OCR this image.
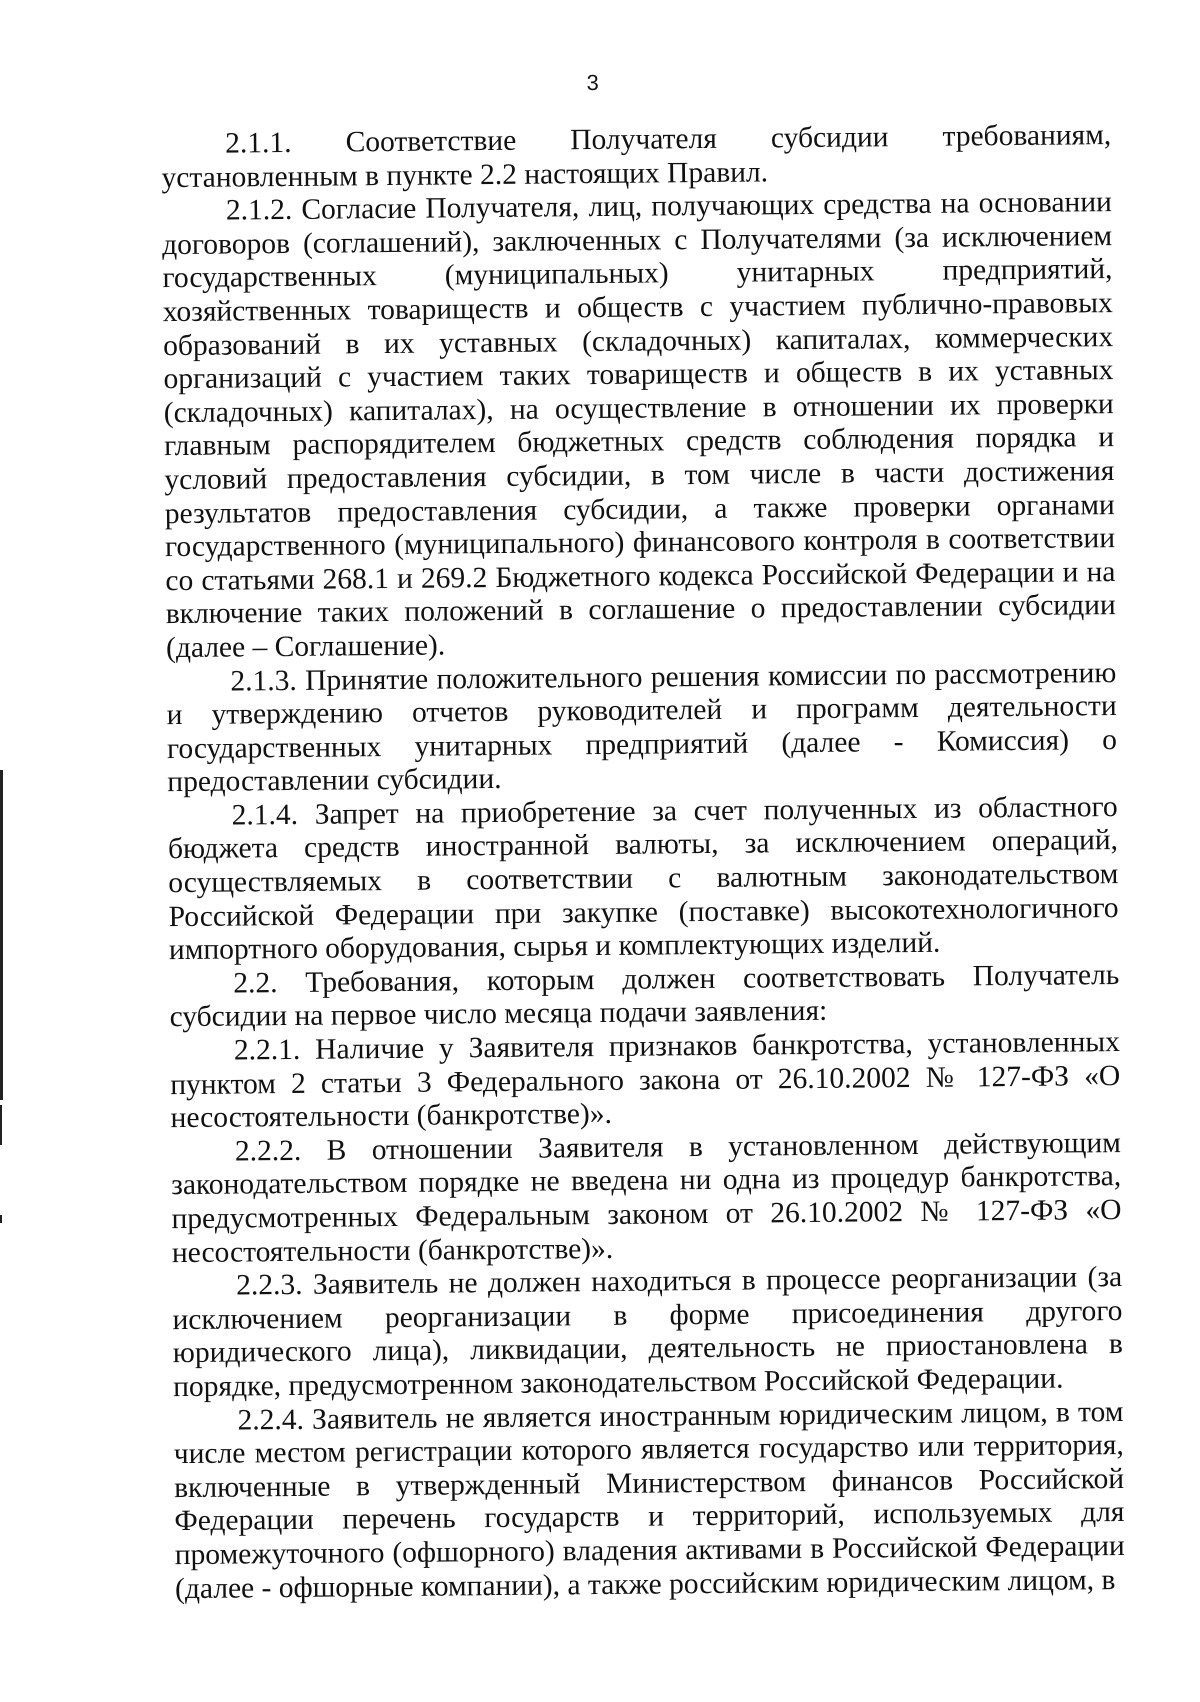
3

2.1.1. Соответствие Получателя субсидии требованиям, установленным в пункте 2.2 настоящих Правил.

2.1.2. Согласие Получателя, лиц, получающих средства на основании договоров (соглашений), заключенных с Получателями (за исключением государственных (муниципальных) унитарных предприятий, хозяйственных товариществ и обществ с участием публично-правовых образований в их уставных (складочных) капиталах, коммерческих организаций с участием таких товариществ и обществ в их уставных (складочных) капиталах), на осуществление в отношении их проверки главным распорядителем бюджетных средств соблюдения порядка и условий предоставления субсидии, в том числе в части достижения результатов предоставления субсидии, а также проверки органами государственного (муниципального) финансового контроля в соответствии со статьями 268.1 и 269.2 Бюджетного кодекса Российской Федерации и на включение таких положений в соглашение о предоставлении субсидии (далее – Соглашение).

2.1.3. Принятие положительного решения комиссии по рассмотрению и утверждению отчетов руководителей и программ деятельности государственных унитарных предприятий (далее - Комиссия) о предоставлении субсидии.

2.1.4. Запрет на приобретение за счет полученных из областного бюджета средств иностранной валюты, за исключением операций, осуществляемых в соответствии с валютным законодательством Российской Федерации при закупке (поставке) высокотехнологичного импортного оборудования, сырья и комплектующих изделий.

2.2. Требования, которым должен соответствовать Получатель субсидии на первое число месяца подачи заявления:

2.2.1. Наличие у Заявителя признаков банкротства, установленных пунктом 2 статьи 3 Федерального закона от 26.10.2002 № 127-ФЗ «О несостоятельности (банкротстве)».

2.2.2. В отношении Заявителя в установленном действующим законодательством порядке не введена ни одна из процедур банкротства, предусмотренных Федеральным законом от 26.10.2002 № 127-ФЗ «О несостоятельности (банкротстве)».

2.2.3. Заявитель не должен находиться в процессе реорганизации (за исключением реорганизации в форме присоединения другого юридического лица), ликвидации, деятельность не приостановлена в порядке, предусмотренном законодательством Российской Федерации.

2.2.4. Заявитель не является иностранным юридическим лицом, в том числе местом регистрации которого является государство или территория, включенные в утвержденный Министерством финансов Российской Федерации перечень государств и территорий, используемых для промежуточного (офшорного) владения активами в Российской Федерации (далее - офшорные компании), а также российским юридическим лицом, в
